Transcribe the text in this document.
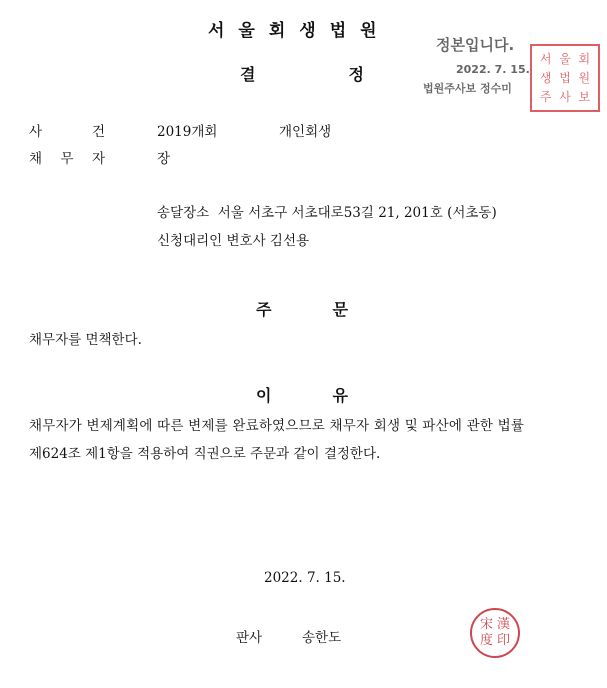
서울회생법원
결	정
정본입니다.
2022. 7. 15.
법원주사보 정수미
서 울 회
생 법 원
주 사 보
사	건	2019개회	개인회생
채 무 자	장
송달장소  서울 서초구 서초대로53길 21, 201호 (서초동)
신청대리인 변호사 김선용
주	문
채무자를 면책한다.
이	유
채무자가 변제계획에 따른 변제를 완료하였으므로 채무자 회생 및 파산에 관한 법률
제624조 제1항을 적용하여 직권으로 주문과 같이 결정한다.
2022. 7. 15.
판사	송한도
宋 漢
度 印
